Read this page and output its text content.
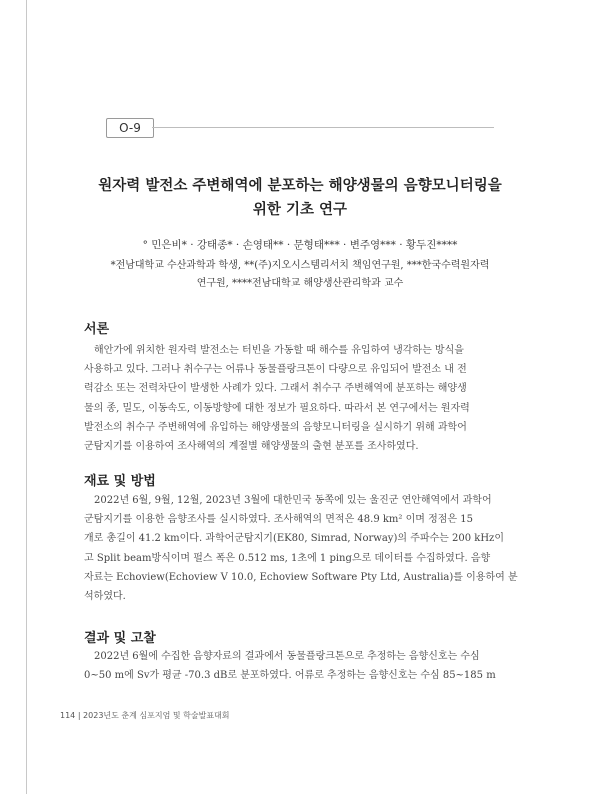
O-9
원자력 발전소 주변해역에 분포하는 해양생물의 음향모니터링을
위한 기초 연구
° 민은비* · 강태종* · 손영태** · 문형태*** · 변주영*** · 황두진****
*전남대학교 수산과학과 학생, **(주)지오시스템리서치 책임연구원, ***한국수력원자력
연구원, ****전남대학교 해양생산관리학과 교수
서론

해안가에 위치한 원자력 발전소는 터빈을 가동할 때 해수를 유입하여 냉각하는 방식을
사용하고 있다. 그러나 취수구는 어류나 동물플랑크톤이 다량으로 유입되어 발전소 내 전
력감소 또는 전력차단이 발생한 사례가 있다. 그래서 취수구 주변해역에 분포하는 해양생
물의 종, 밀도, 이동속도, 이동방향에 대한 정보가 필요하다. 따라서 본 연구에서는 원자력
발전소의 취수구 주변해역에 유입하는 해양생물의 음향모니터링을 실시하기 위해 과학어
군탐지기를 이용하여 조사해역의 계절별 해양생물의 출현 분포를 조사하였다.

재료 및 방법

2022년 6월, 9월, 12월, 2023년 3월에 대한민국 동쪽에 있는 울진군 연안해역에서 과학어
군탐지기를 이용한 음향조사를 실시하였다. 조사해역의 면적은 48.9 km² 이며 정점은 15
개로 총길이 41.2 km이다. 과학어군탐지기(EK80, Simrad, Norway)의 주파수는 200 kHz이
고 Split beam방식이며 펄스 폭은 0.512 ms, 1초에 1 ping으로 데이터를 수집하였다. 음향
자료는 Echoview(Echoview V 10.0, Echoview Software Pty Ltd, Australia)를 이용하여 분
석하였다.

결과 및 고찰

2022년 6월에 수집한 음향자료의 결과에서 동물플랑크톤으로 추정하는 음향신호는 수심
0~50 m에 Sv가 평균 -70.3 dB로 분포하였다. 어류로 추정하는 음향신호는 수심 85~185 m

114 | 2023년도 춘계 심포지엄 및 학술발표대회
